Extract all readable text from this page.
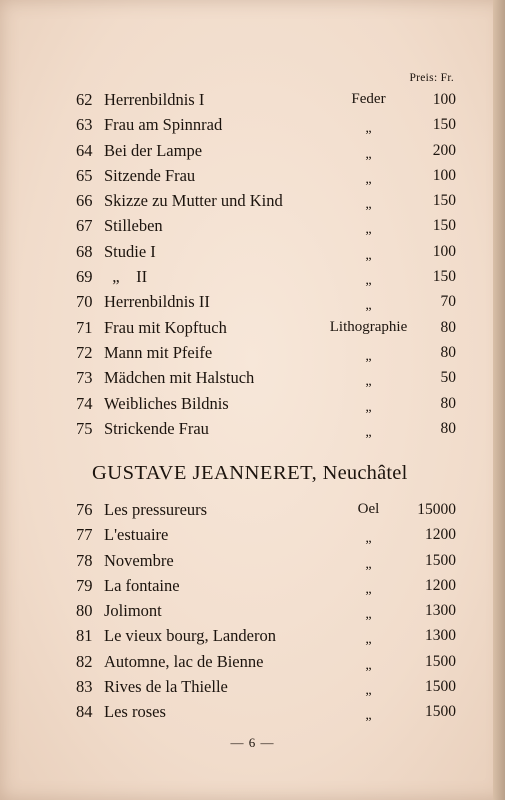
Preis: Fr.
62 Herrenbildnis I	Feder	100
63 Frau am Spinnrad	„	150
64 Bei der Lampe	„	200
65 Sitzende Frau	„	100
66 Skizze zu Mutter und Kind	„	150
67 Stilleben	„	150
68 Studie I	„	100
69 „    II	„	150
70 Herrenbildnis II	„	70
71 Frau mit Kopftuch	Lithographie	80
72 Mann mit Pfeife	„	80
73 Mädchen mit Halstuch	„	50
74 Weibliches Bildnis	„	80
75 Strickende Frau	„	80
GUSTAVE JEANNERET, Neuchâtel
76 Les pressureurs	Oel	15000
77 L'estuaire	„	1200
78 Novembre	„	1500
79 La fontaine	„	1200
80 Jolimont	„	1300
81 Le vieux bourg, Landeron	„	1300
82 Automne, lac de Bienne	„	1500
83 Rives de la Thielle	„	1500
84 Les roses	„	1500
— 6 —
